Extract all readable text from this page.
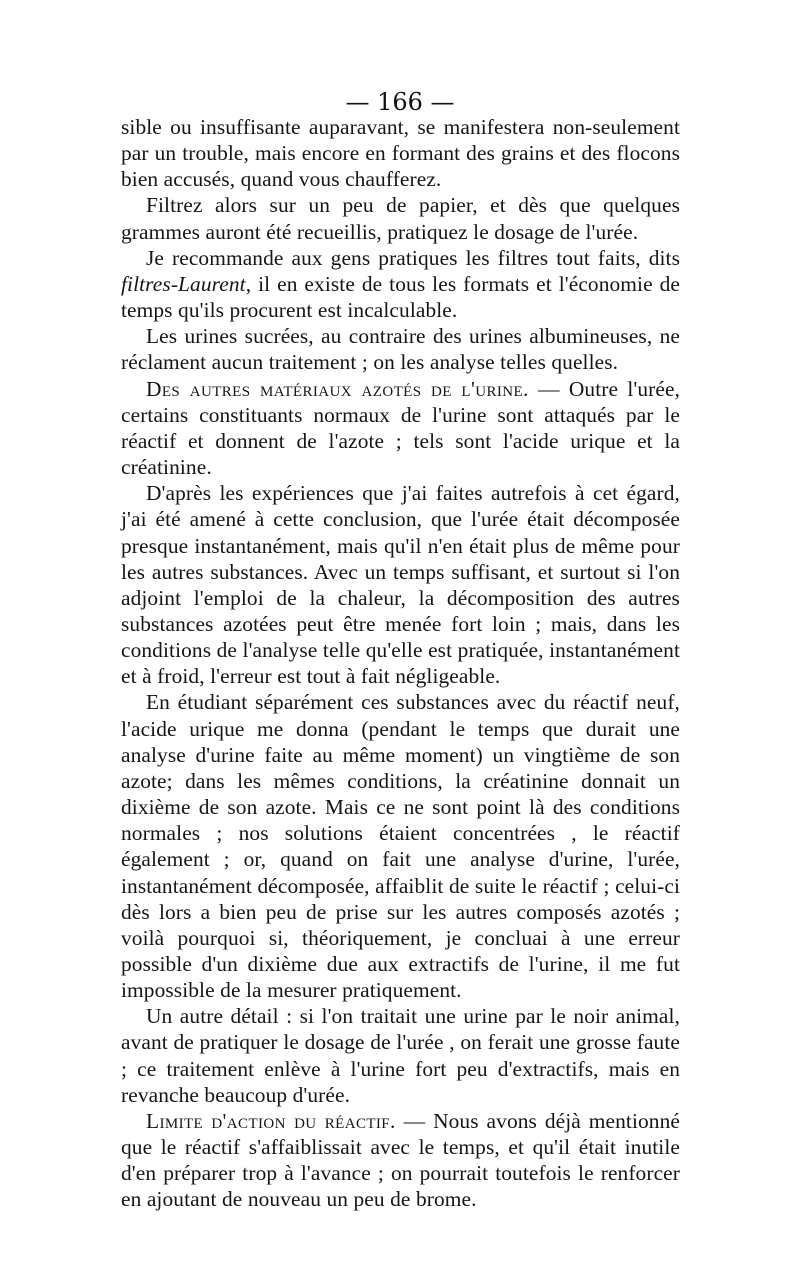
— 166 —

sible ou insuffisante auparavant, se manifestera non-seulement par un trouble, mais encore en formant des grains et des flocons bien accusés, quand vous chaufferez.

Filtrez alors sur un peu de papier, et dès que quelques grammes auront été recueillis, pratiquez le dosage de l'urée.

Je recommande aux gens pratiques les filtres tout faits, dits filtres-Laurent, il en existe de tous les formats et l'économie de temps qu'ils procurent est incalculable.

Les urines sucrées, au contraire des urines albumineuses, ne réclament aucun traitement ; on les analyse telles quelles.

Des autres matériaux azotés de l'urine. — Outre l'urée, certains constituants normaux de l'urine sont attaqués par le réactif et donnent de l'azote ; tels sont l'acide urique et la créatinine.

D'après les expériences que j'ai faites autrefois à cet égard, j'ai été amené à cette conclusion, que l'urée était décomposée presque instantanément, mais qu'il n'en était plus de même pour les autres substances. Avec un temps suffisant, et surtout si l'on adjoint l'emploi de la chaleur, la décomposition des autres substances azotées peut être menée fort loin ; mais, dans les conditions de l'analyse telle qu'elle est pratiquée, instantanément et à froid, l'erreur est tout à fait négligeable.

En étudiant séparément ces substances avec du réactif neuf, l'acide urique me donna (pendant le temps que durait une analyse d'urine faite au même moment) un vingtième de son azote; dans les mêmes conditions, la créatinine donnait un dixième de son azote. Mais ce ne sont point là des conditions normales ; nos solutions étaient concentrées , le réactif également ; or, quand on fait une analyse d'urine, l'urée, instantanément décomposée, affaiblit de suite le réactif ; celui-ci dès lors a bien peu de prise sur les autres composés azotés ; voilà pourquoi si, théoriquement, je concluai à une erreur possible d'un dixième due aux extractifs de l'urine, il me fut impossible de la mesurer pratiquement.

Un autre détail : si l'on traitait une urine par le noir animal, avant de pratiquer le dosage de l'urée , on ferait une grosse faute ; ce traitement enlève à l'urine fort peu d'extractifs, mais en revanche beaucoup d'urée.

Limite d'action du réactif. — Nous avons déjà mentionné que le réactif s'affaiblissait avec le temps, et qu'il était inutile d'en préparer trop à l'avance ; on pourrait toutefois le renforcer en ajoutant de nouveau un peu de brome.
